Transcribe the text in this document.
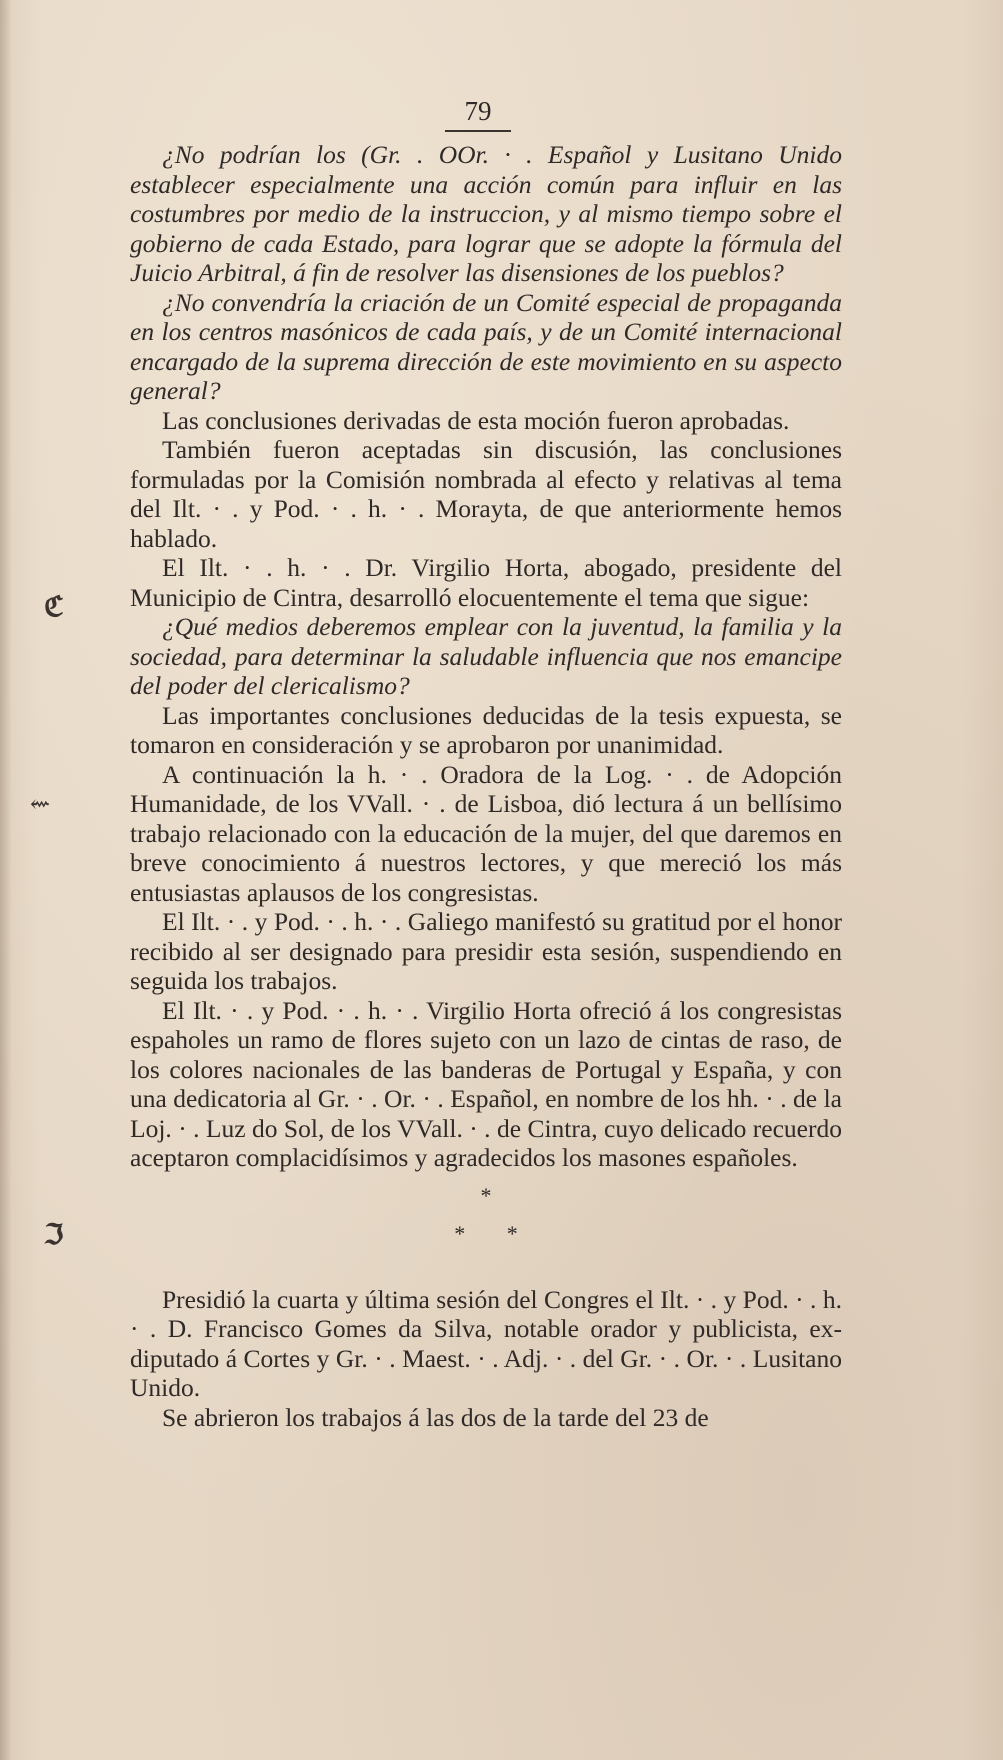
79
ℭ
⇜
ℑ

¿No podrían los (Gr. . OOr. · . Español y Lusitano Unido establecer especialmente una acción común para influir en las costumbres por medio de la instruccion, y al mismo tiempo sobre el gobierno de cada Estado, para lograr que se adopte la fórmula del Juicio Arbitral, á fin de resolver las disensiones de los pueblos?

¿No convendría la criación de un Comité especial de propaganda en los centros masónicos de cada país, y de un Comité internacional encargado de la suprema dirección de este movimiento en su aspecto general?

Las conclusiones derivadas de esta moción fueron aprobadas.

También fueron aceptadas sin discusión, las conclusiones formuladas por la Comisión nombrada al efecto y relativas al tema del Ilt. · . y Pod. · . h. · . Morayta, de que anteriormente hemos hablado.

El Ilt. · . h. · . Dr. Virgilio Horta, abogado, presidente del Municipio de Cintra, desarrolló elocuentemente el tema que sigue:

¿Qué medios deberemos emplear con la juventud, la familia y la sociedad, para determinar la saludable influencia que nos emancipe del poder del clericalismo?

Las importantes conclusiones deducidas de la tesis expuesta, se tomaron en consideración y se aprobaron por unanimidad.

A continuación la h. · . Oradora de la Log. · . de Adopción Humanidade, de los VVall. · . de Lisboa, dió lectura á un bellísimo trabajo relacionado con la educación de la mujer, del que daremos en breve conocimiento á nuestros lectores, y que mereció los más entusiastas aplausos de los congresistas.

El Ilt. · . y Pod. · . h. · . Galiego manifestó su gratitud por el honor recibido al ser designado para presidir esta sesión, suspendiendo en seguida los trabajos.

El Ilt. · . y Pod. · . h. · . Virgilio Horta ofreció á los congresistas espaholes un ramo de flores sujeto con un lazo de cintas de raso, de los colores nacionales de las banderas de Portugal y España, y con una dedicatoria al Gr. · . Or. · . Español, en nombre de los hh. · . de la Loj. · . Luz do Sol, de los VVall. · . de Cintra, cuyo delicado recuerdo aceptaron complacidísimos y agradecidos los masones españoles.

*
* *

Presidió la cuarta y última sesión del Congres el Ilt. · . y Pod. · . h. · . D. Francisco Gomes da Silva, notable orador y publicista, ex-diputado á Cortes y Gr. · . Maest. · . Adj. · . del Gr. · . Or. · . Lusitano Unido.

Se abrieron los trabajos á las dos de la tarde del 23 de
